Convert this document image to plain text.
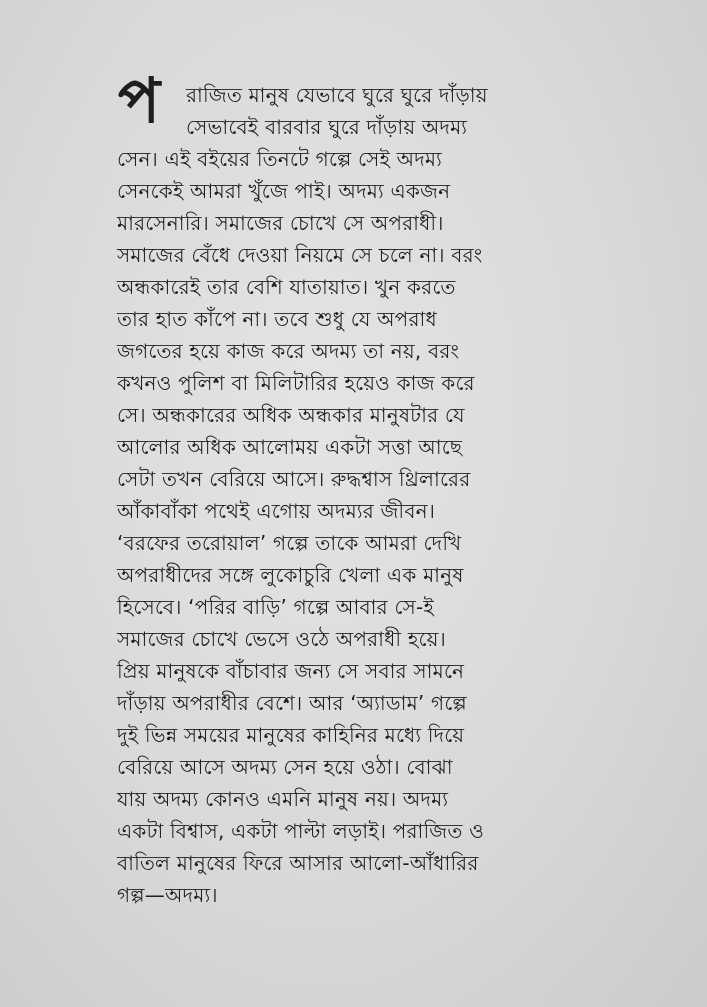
প রাজিত মানুষ যেভাবে ঘুরে ঘুরে দাঁড়ায়
সেভাবেই বারবার ঘুরে দাঁড়ায় অদম্য
সেন। এই বইয়ের তিনটে গল্পে সেই অদম্য
সেনকেই আমরা খুঁজে পাই। অদম্য একজন
মারসেনারি। সমাজের চোখে সে অপরাধী।
সমাজের বেঁধে দেওয়া নিয়মে সে চলে না। বরং
অন্ধকারেই তার বেশি যাতায়াত। খুন করতে
তার হাত কাঁপে না। তবে শুধু যে অপরাধ
জগতের হয়ে কাজ করে অদম্য তা নয়, বরং
কখনও পুলিশ বা মিলিটারির হয়েও কাজ করে
সে। অন্ধকারের অধিক অন্ধকার মানুষটার যে
আলোর অধিক আলোময় একটা সত্তা আছে
সেটা তখন বেরিয়ে আসে। রুদ্ধশ্বাস থ্রিলারের
আঁকাবাঁকা পথেই এগোয় অদম্যর জীবন।
‘বরফের তরোয়াল’ গল্পে তাকে আমরা দেখি
অপরাধীদের সঙ্গে লুকোচুরি খেলা এক মানুষ
হিসেবে। ‘পরির বাড়ি’ গল্পে আবার সে-ই
সমাজের চোখে ভেসে ওঠে অপরাধী হয়ে।
প্রিয় মানুষকে বাঁচাবার জন্য সে সবার সামনে
দাঁড়ায় অপরাধীর বেশে। আর ‘অ্যাডাম’ গল্পে
দুই ভিন্ন সময়ের মানুষের কাহিনির মধ্যে দিয়ে
বেরিয়ে আসে অদম্য সেন হয়ে ওঠা। বোঝা
যায় অদম্য কোনও এমনি মানুষ নয়। অদম্য
একটা বিশ্বাস, একটা পাল্টা লড়াই। পরাজিত ও
বাতিল মানুষের ফিরে আসার আলো-আঁধারির
গল্প—অদম্য।
